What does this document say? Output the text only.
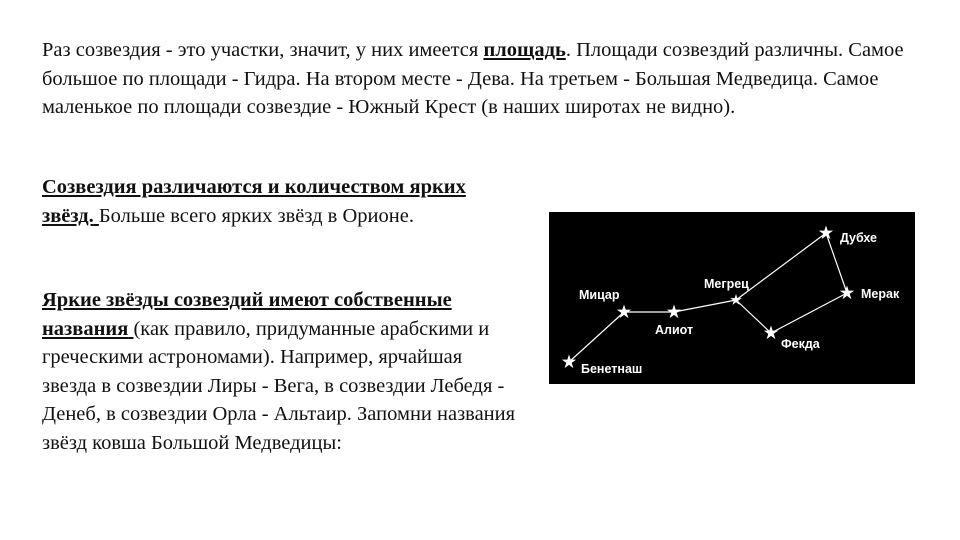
Раз созвездия - это участки, значит, у них имеется площадь. Площади созвездий различны. Самое большое по площади - Гидра. На втором месте - Дева. На третьем - Большая Медведица. Самое маленькое по площади созвездие - Южный Крест (в наших широтах не видно).

Созвездия различаются и количеством ярких звёзд. Больше всего ярких звёзд в Орионе.

Яркие звёзды созвездий имеют собственные названия (как правило, придуманные арабскими и греческими астрономами). Например, ярчайшая звезда в созвездии Лиры - Вега, в созвездии Лебедя - Денеб, в созвездии Орла - Альтаир. Запомни названия звёзд ковша Большой Медведицы:

Дубхе
Мерак
Фекда
Мегрец
Алиот
Мицар
Бенетнаш
